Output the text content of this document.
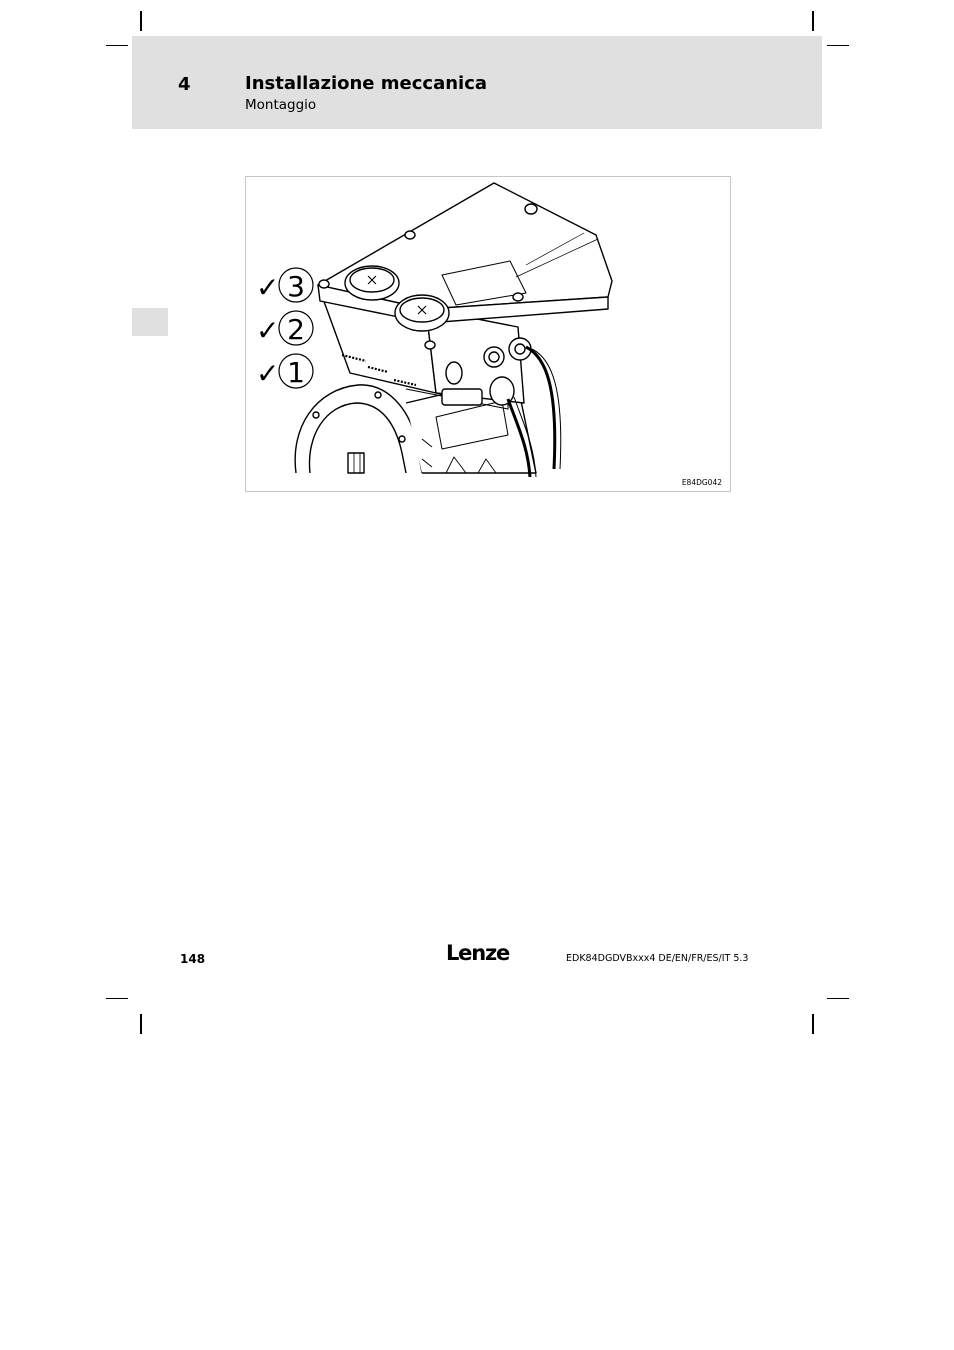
4	Installazione meccanica
Montaggio
✓ 3
✓ 2
✓ 1
E84DG042
148	Lenze	EDK84DGDVBxxx4 DE/EN/FR/ES/IT 5.3
